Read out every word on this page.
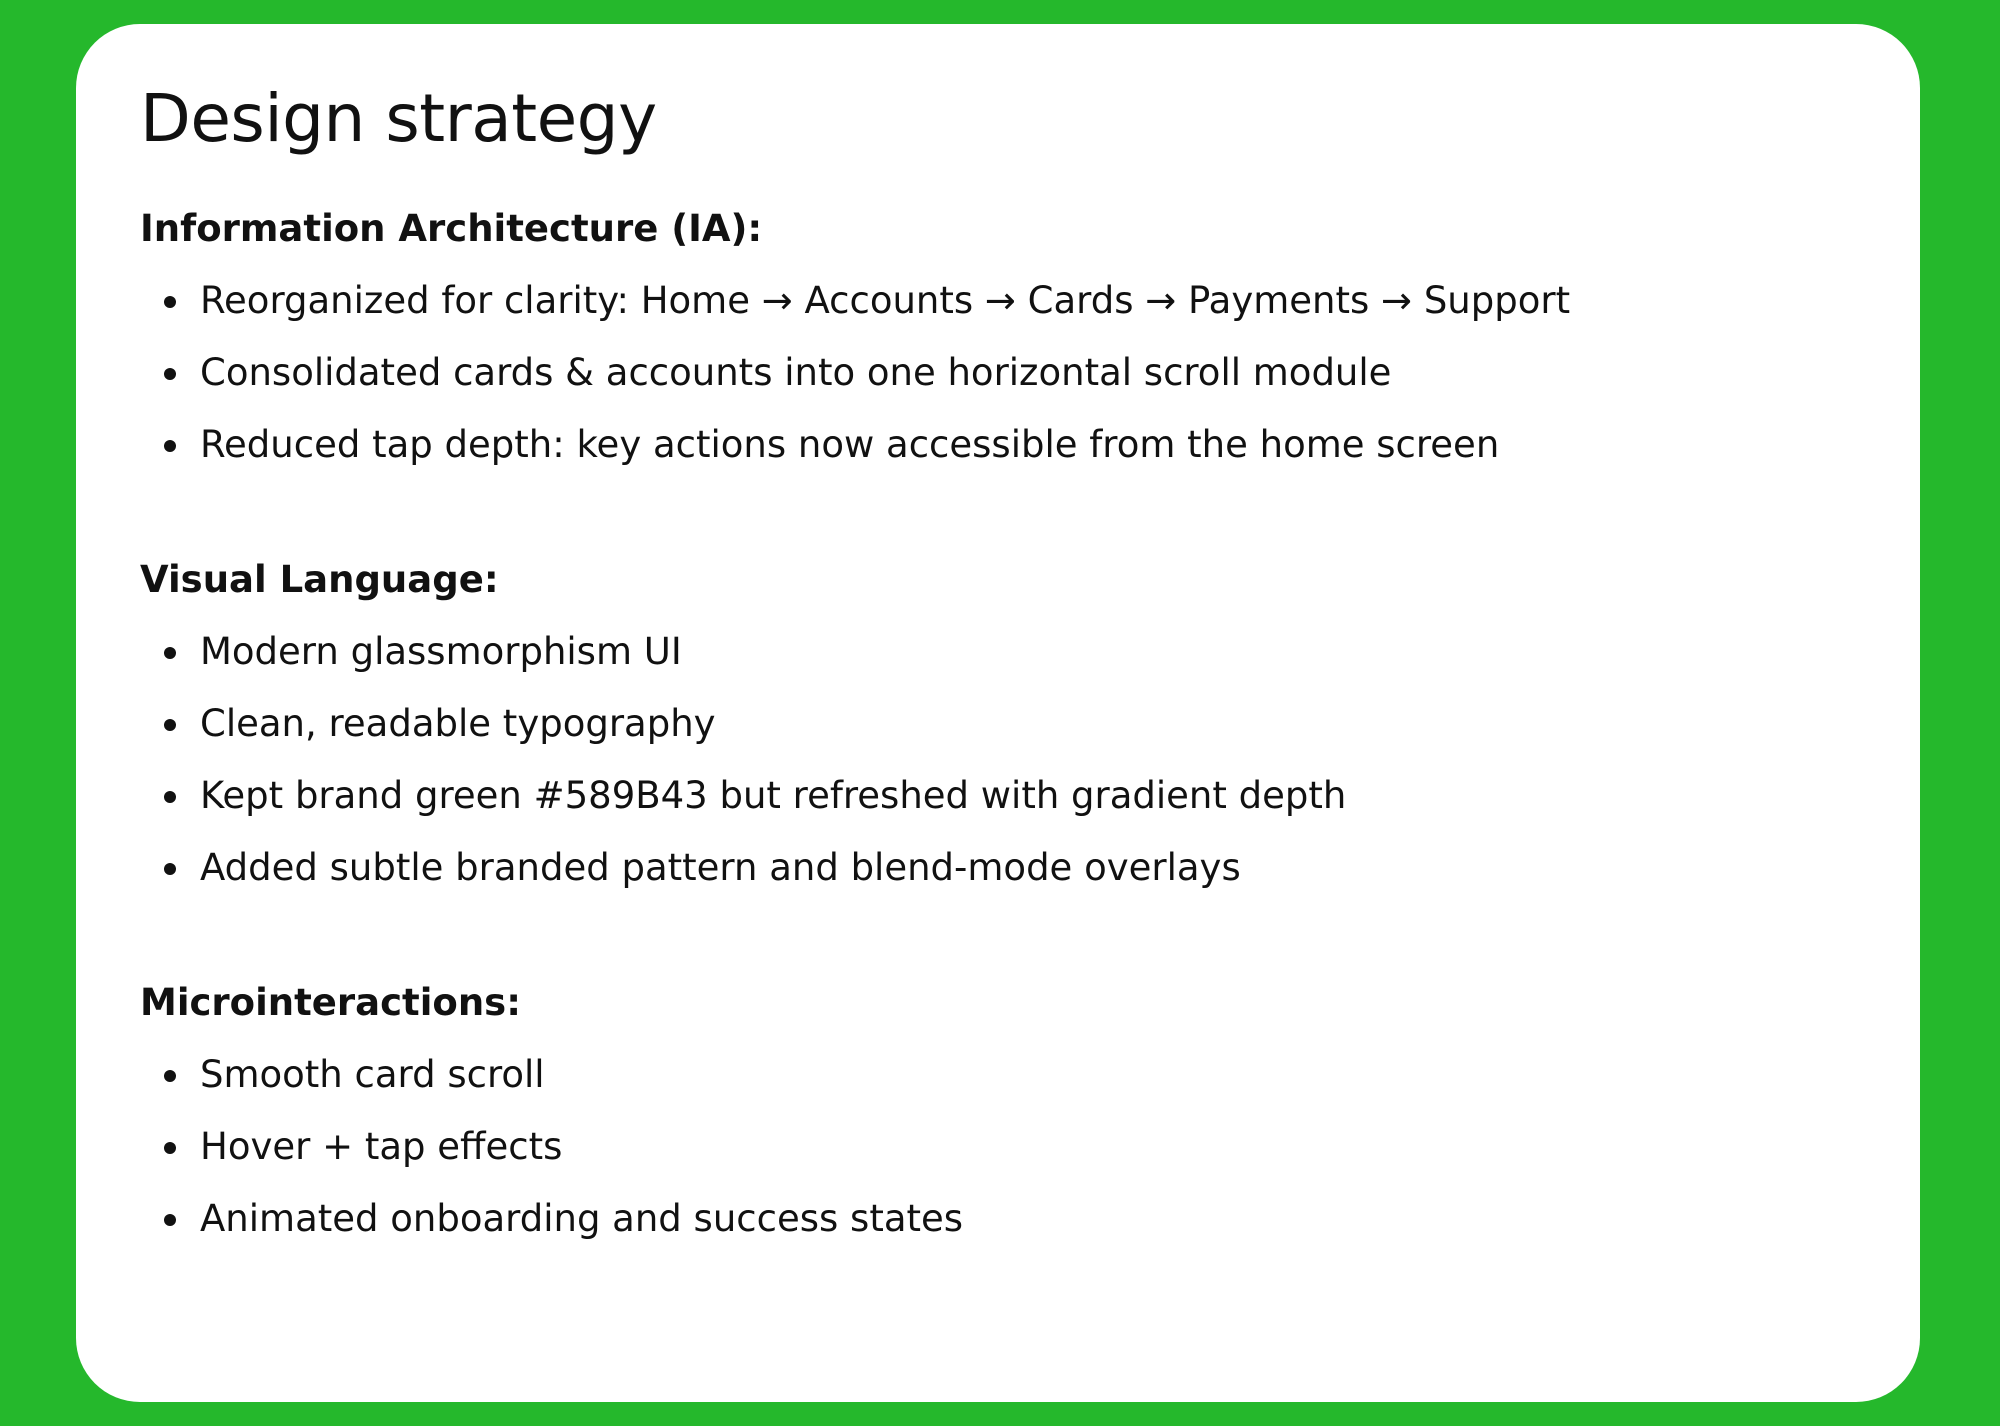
Design strategy
Information Architecture (IA):
Reorganized for clarity: Home → Accounts → Cards → Payments → Support
Consolidated cards & accounts into one horizontal scroll module
Reduced tap depth: key actions now accessible from the home screen
Visual Language:
Modern glassmorphism UI
Clean, readable typography
Kept brand green #589B43 but refreshed with gradient depth
Added subtle branded pattern and blend-mode overlays
Microinteractions:
Smooth card scroll
Hover + tap effects
Animated onboarding and success states
